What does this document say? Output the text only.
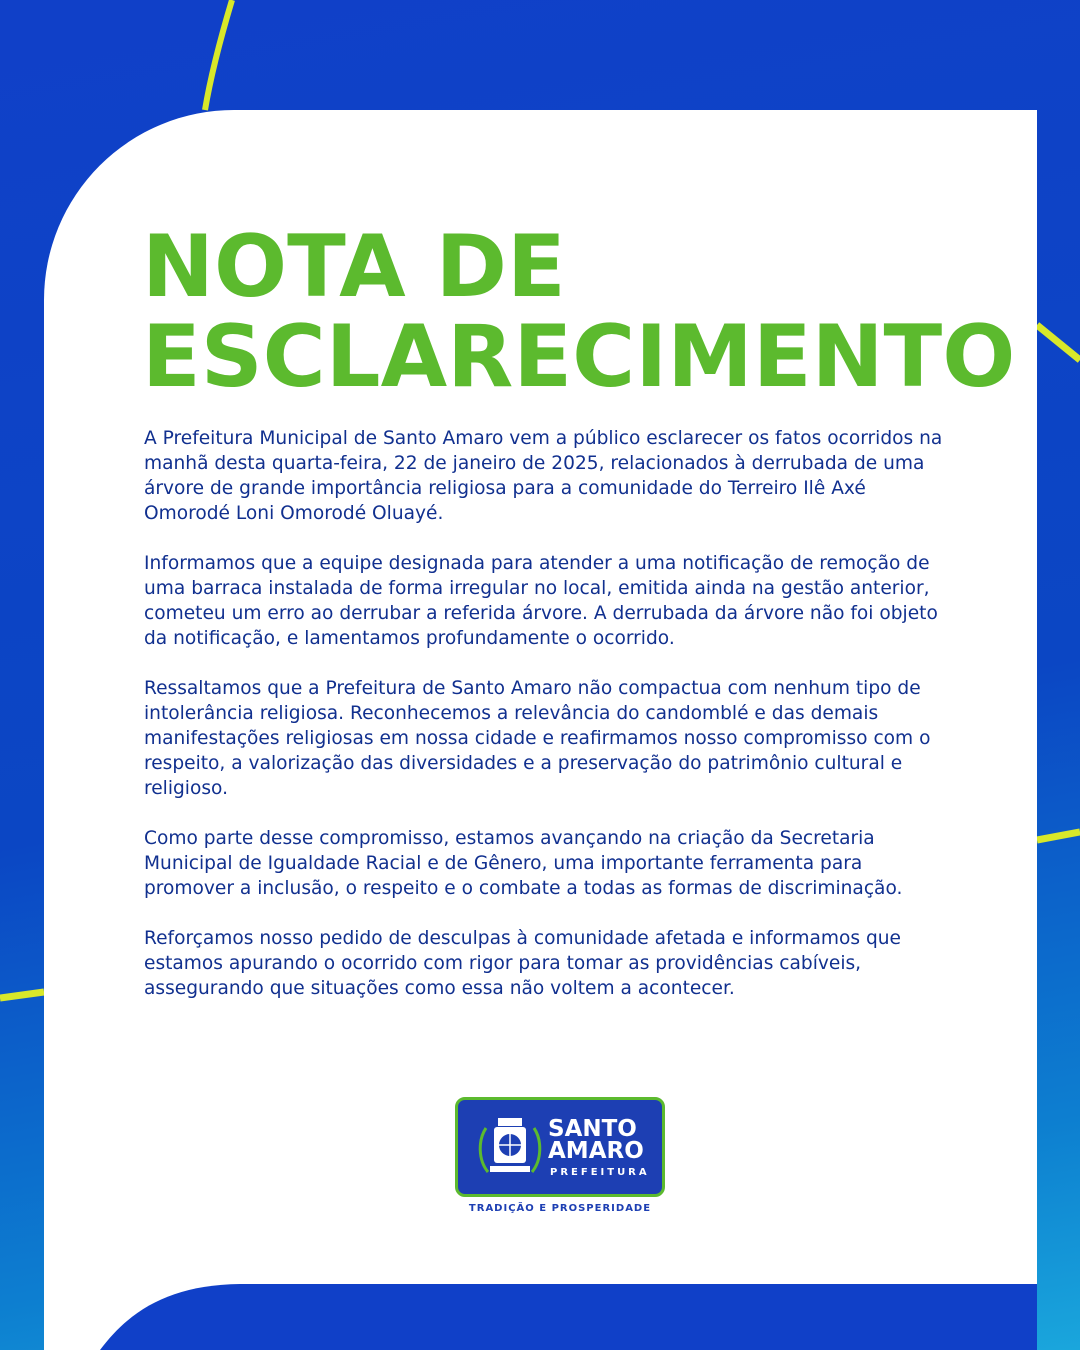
NOTA DE
ESCLARECIMENTO

A Prefeitura Municipal de Santo Amaro vem a público esclarecer os fatos ocorridos na manhã desta quarta-feira, 22 de janeiro de 2025, relacionados à derrubada de uma árvore de grande importância religiosa para a comunidade do Terreiro Ilê Axé Omorodé Loni Omorodé Oluayé.

Informamos que a equipe designada para atender a uma notificação de remoção de uma barraca instalada de forma irregular no local, emitida ainda na gestão anterior, cometeu um erro ao derrubar a referida árvore. A derrubada da árvore não foi objeto da notificação, e lamentamos profundamente o ocorrido.

Ressaltamos que a Prefeitura de Santo Amaro não compactua com nenhum tipo de intolerância religiosa. Reconhecemos a relevância do candomblé e das demais manifestações religiosas em nossa cidade e reafirmamos nosso compromisso com o respeito, a valorização das diversidades e a preservação do patrimônio cultural e religioso.

Como parte desse compromisso, estamos avançando na criação da Secretaria Municipal de Igualdade Racial e de Gênero, uma importante ferramenta para promover a inclusão, o respeito e o combate a todas as formas de discriminação.

Reforçamos nosso pedido de desculpas à comunidade afetada e informamos que estamos apurando o ocorrido com rigor para tomar as providências cabíveis, assegurando que situações como essa não voltem a acontecer.

SANTO
AMARO
PREFEITURA
TRADIÇÃO E PROSPERIDADE
